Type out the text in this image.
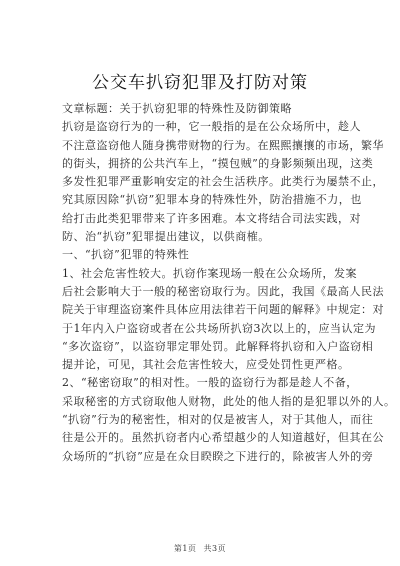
公交车扒窃犯罪及打防对策
文章标题：关于扒窃犯罪的特殊性及防御策略
扒窃是盗窃行为的一种，它一般指的是在公众场所中，趁人
不注意盗窃他人随身携带财物的行为。在熙熙攘攘的市场，繁华
的街头，拥挤的公共汽车上，“摸包贼”的身影频频出现，这类
多发性犯罪严重影响安定的社会生活秩序。此类行为屡禁不止，
究其原因除“扒窃”犯罪本身的特殊性外，防治措施不力，也
给打击此类犯罪带来了许多困难。本文将结合司法实践，对
防、治“扒窃”犯罪提出建议，以供商榷。
一、“扒窃”犯罪的特殊性
1、社会危害性较大。扒窃作案现场一般在公众场所，发案
后社会影响大于一般的秘密窃取行为。因此，我国《最高人民法
院关于审理盗窃案件具体应用法律若干问题的解释》中规定：对
于1年内入户盗窃或者在公共场所扒窃3次以上的，应当认定为
“多次盗窃”，以盗窃罪定罪处罚。此解释将扒窃和入户盗窃相
提并论，可见，其社会危害性较大，应受处罚性更严格。
2、“秘密窃取”的相对性。一般的盗窃行为都是趁人不备，
采取秘密的方式窃取他人财物，此处的他人指的是犯罪以外的人。
“扒窃”行为的秘密性，相对的仅是被害人，对于其他人，而往
往是公开的。虽然扒窃者内心希望越少的人知道越好，但其在公
众场所的“扒窃”应是在众目睽睽之下进行的，除被害人外的旁
第1页 共3页
